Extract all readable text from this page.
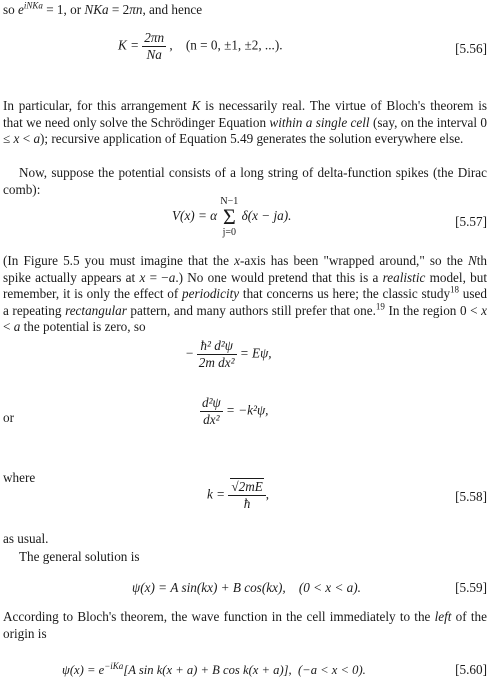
so $e^{iNKa} = 1$, or NKa = 2πn, and hence

$K = \frac{2\pi n}{Na}$ , (n = 0, ±1, ±2, ...).	[5.56]

In particular, for this arrangement K is necessarily real. The virtue of Bloch's theorem is that we need only solve the Schrödinger Equation within a single cell (say, on the interval 0 ≤ x < a); recursive application of Equation 5.49 generates the solution everywhere else.

Now, suppose the potential consists of a long string of delta-function spikes (the Dirac comb):

V(x) = α
N−1
Σ
j=0
δ(x − ja).	[5.57]

(In Figure 5.5 you must imagine that the x-axis has been "wrapped around," so the Nth spike actually appears at x = −a.) No one would pretend that this is a realistic model, but remember, it is only the effect of periodicity that concerns us here; the classic study$^{18}$ used a repeating rectangular pattern, and many authors still prefer that one.$^{19}$ In the region 0 < x < a the potential is zero, so

− $\frac{\text{ħ² d²ψ}}{\text{2m dx²}} = E\psi$,

or	$\frac{\text{d²ψ}}{\text{dx²}} = -k^2\psi$,

where

$k = \frac{√2mE}{ħ}$ ,	[5.58]

as usual.

The general solution is

ψ(x) = A sin(kx) + B cos(kx),    (0 < x < a).	[5.59]

According to Bloch's theorem, the wave function in the cell immediately to the left of the origin is

$\psi(x) = e^{-iKa}[A$ sin k(x + a) + B cos k(x + a)],  (−a < x < 0).	[5.60]
